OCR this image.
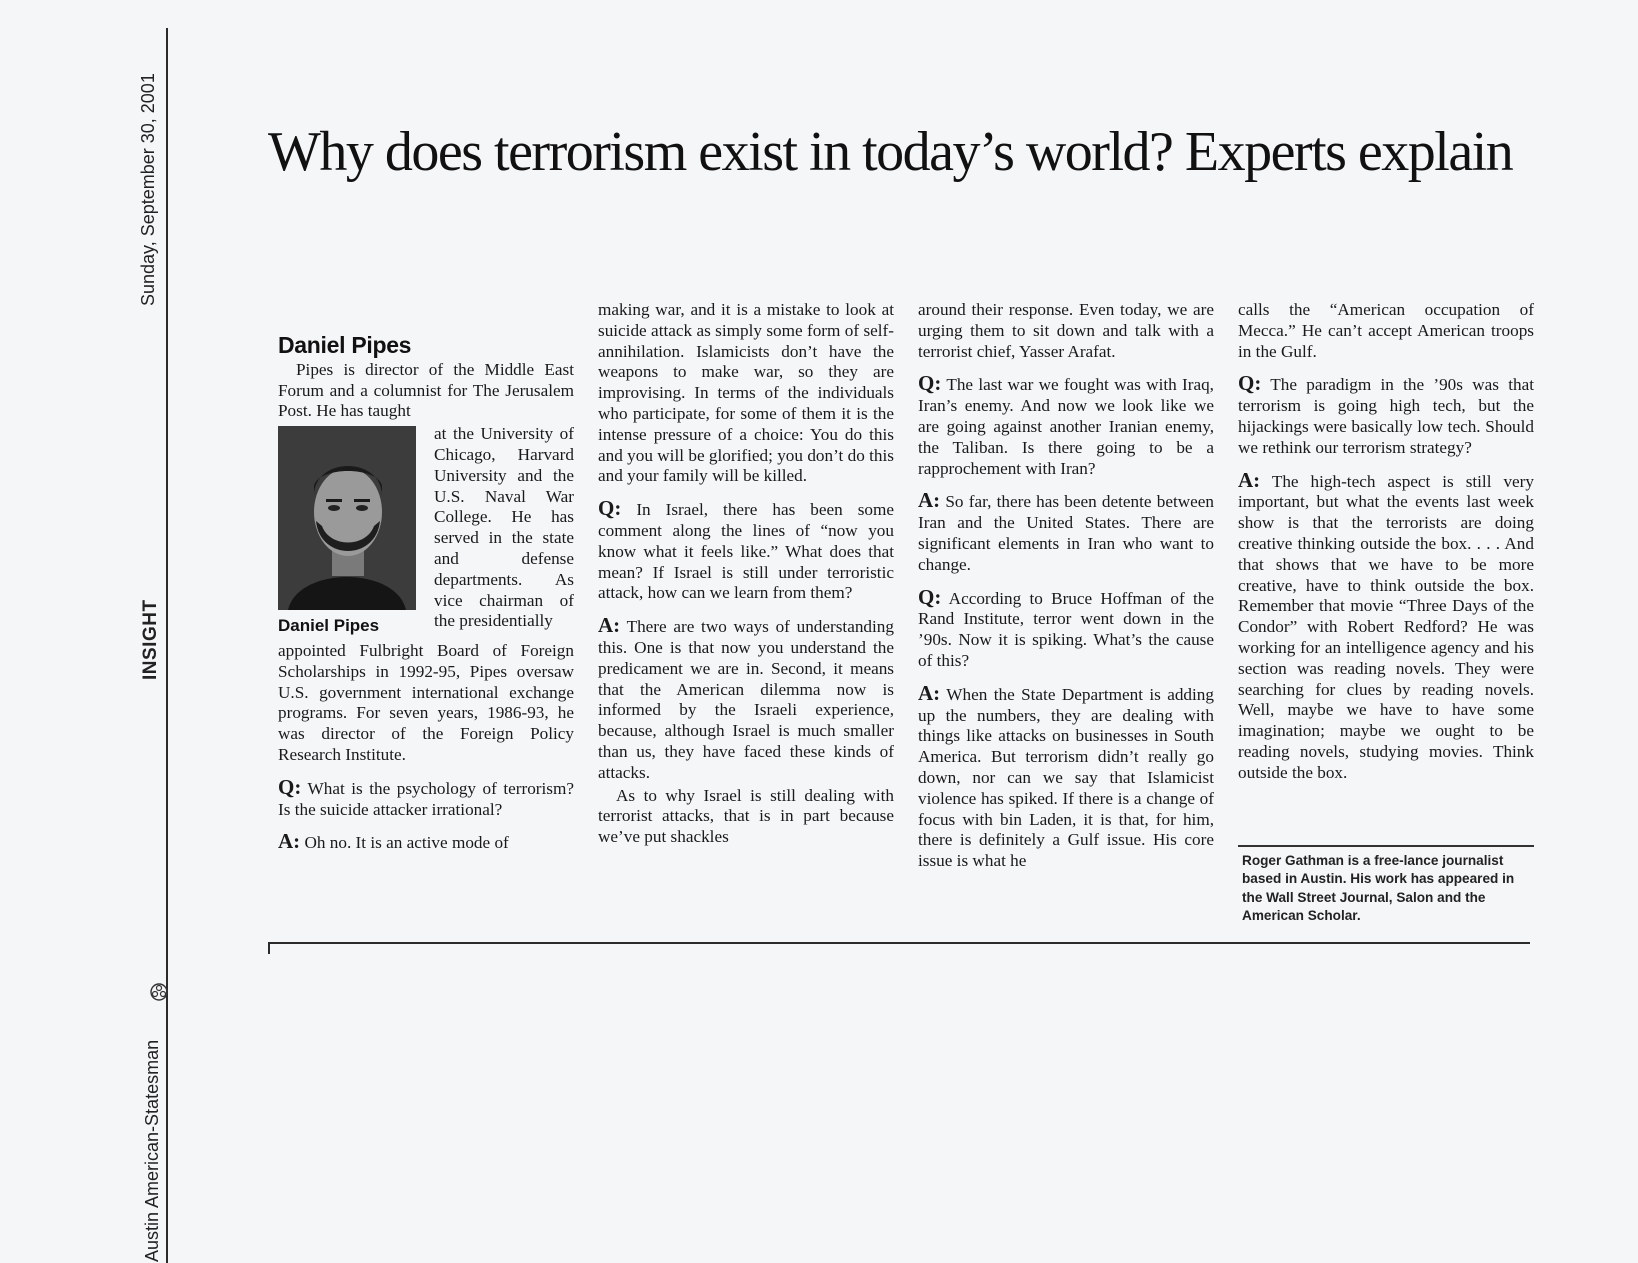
Sunday, September 30, 2001
INSIGHT
Austin American-Statesman
Why does terrorism exist in today’s world? Experts explain
Daniel Pipes

Pipes is director of the Middle East Forum and a columnist for The Jerusalem Post. He has taught

Daniel Pipes

at the University of Chicago, Harvard University and the U.S. Naval War College. He has served in the state and defense departments. As vice chairman of the presidentially

appointed Fulbright Board of Foreign Scholarships in 1992-95, Pipes oversaw U.S. government international exchange programs. For seven years, 1986-93, he was director of the Foreign Policy Research Institute.

Q: What is the psychology of terrorism? Is the suicide attacker irrational?

A: Oh no. It is an active mode of

making war, and it is a mistake to look at suicide attack as simply some form of self-annihilation. Islamicists don’t have the weapons to make war, so they are improvising. In terms of the individuals who participate, for some of them it is the intense pressure of a choice: You do this and you will be glorified; you don’t do this and your family will be killed.

Q: In Israel, there has been some comment along the lines of “now you know what it feels like.” What does that mean? If Israel is still under terroristic attack, how can we learn from them?

A: There are two ways of understanding this. One is that now you understand the predicament we are in. Second, it means that the American dilemma now is informed by the Israeli experience, because, although Israel is much smaller than us, they have faced these kinds of attacks.

As to why Israel is still dealing with terrorist attacks, that is in part because we’ve put shackles

around their response. Even today, we are urging them to sit down and talk with a terrorist chief, Yasser Arafat.

Q: The last war we fought was with Iraq, Iran’s enemy. And now we look like we are going against another Iranian enemy, the Taliban. Is there going to be a rapprochement with Iran?

A: So far, there has been detente between Iran and the United States. There are significant elements in Iran who want to change.

Q: According to Bruce Hoffman of the Rand Institute, terror went down in the ’90s. Now it is spiking. What’s the cause of this?

A: When the State Department is adding up the numbers, they are dealing with things like attacks on businesses in South America. But terrorism didn’t really go down, nor can we say that Islamicist violence has spiked. If there is a change of focus with bin Laden, it is that, for him, there is definitely a Gulf issue. His core issue is what he

calls the “American occupation of Mecca.” He can’t accept American troops in the Gulf.

Q: The paradigm in the ’90s was that terrorism is going high tech, but the hijackings were basically low tech. Should we rethink our terrorism strategy?

A: The high-tech aspect is still very important, but what the events last week show is that the terrorists are doing creative thinking outside the box. . . . And that shows that we have to be more creative, have to think outside the box. Remember that movie “Three Days of the Condor” with Robert Redford? He was working for an intelligence agency and his section was reading novels. They were searching for clues by reading novels. Well, maybe we have to have some imagination; maybe we ought to be reading novels, studying movies. Think outside the box.

Roger Gathman is a free-lance journalist based in Austin. His work has appeared in the Wall Street Journal, Salon and the American Scholar.
